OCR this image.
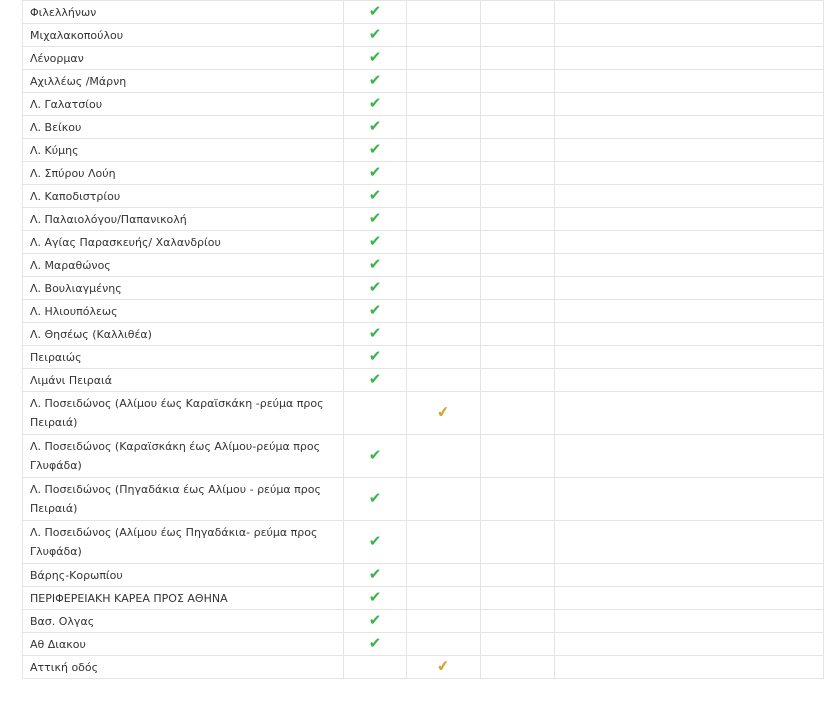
Φιλελλήνων	✔			
Μιχαλακοπούλου	✔			
Λένορμαν	✔			
Αχιλλέως /Μάρνη	✔			
Λ. Γαλατσίου	✔			
Λ. Βείκου	✔			
Λ. Κύμης	✔			
Λ. Σπύρου Λούη	✔			
Λ. Καποδιστρίου	✔			
Λ. Παλαιολόγου/Παπανικολή	✔			
Λ. Αγίας Παρασκευής/ Χαλανδρίου	✔			
Λ. Μαραθώνος	✔			
Λ. Βουλιαγμένης	✔			
Λ. Ηλιουπόλεως	✔			
Λ. Θησέως (Καλλιθέα)	✔			
Πειραιώς	✔			
Λιμάνι Πειραιά	✔			
Λ. Ποσειδώνος (Αλίμου έως Καραϊσκάκη -ρεύμα προς Πειραιά)		✔		
Λ. Ποσειδώνος (Καραϊσκάκη έως Αλίμου-ρεύμα προς Γλυφάδα)	✔			
Λ. Ποσειδώνος (Πηγαδάκια έως Αλίμου - ρεύμα προς Πειραιά)	✔			
Λ. Ποσειδώνος (Αλίμου έως Πηγαδάκια- ρεύμα προς Γλυφάδα)	✔			
Βάρης-Κορωπίου	✔			
ΠΕΡΙΦΕΡΕΙΑΚΗ ΚΑΡΕΑ ΠΡΟΣ ΑΘΗΝΑ	✔			
Βασ. Ολγας	✔			
Αθ Διακου	✔			
Αττική οδός		✔		
